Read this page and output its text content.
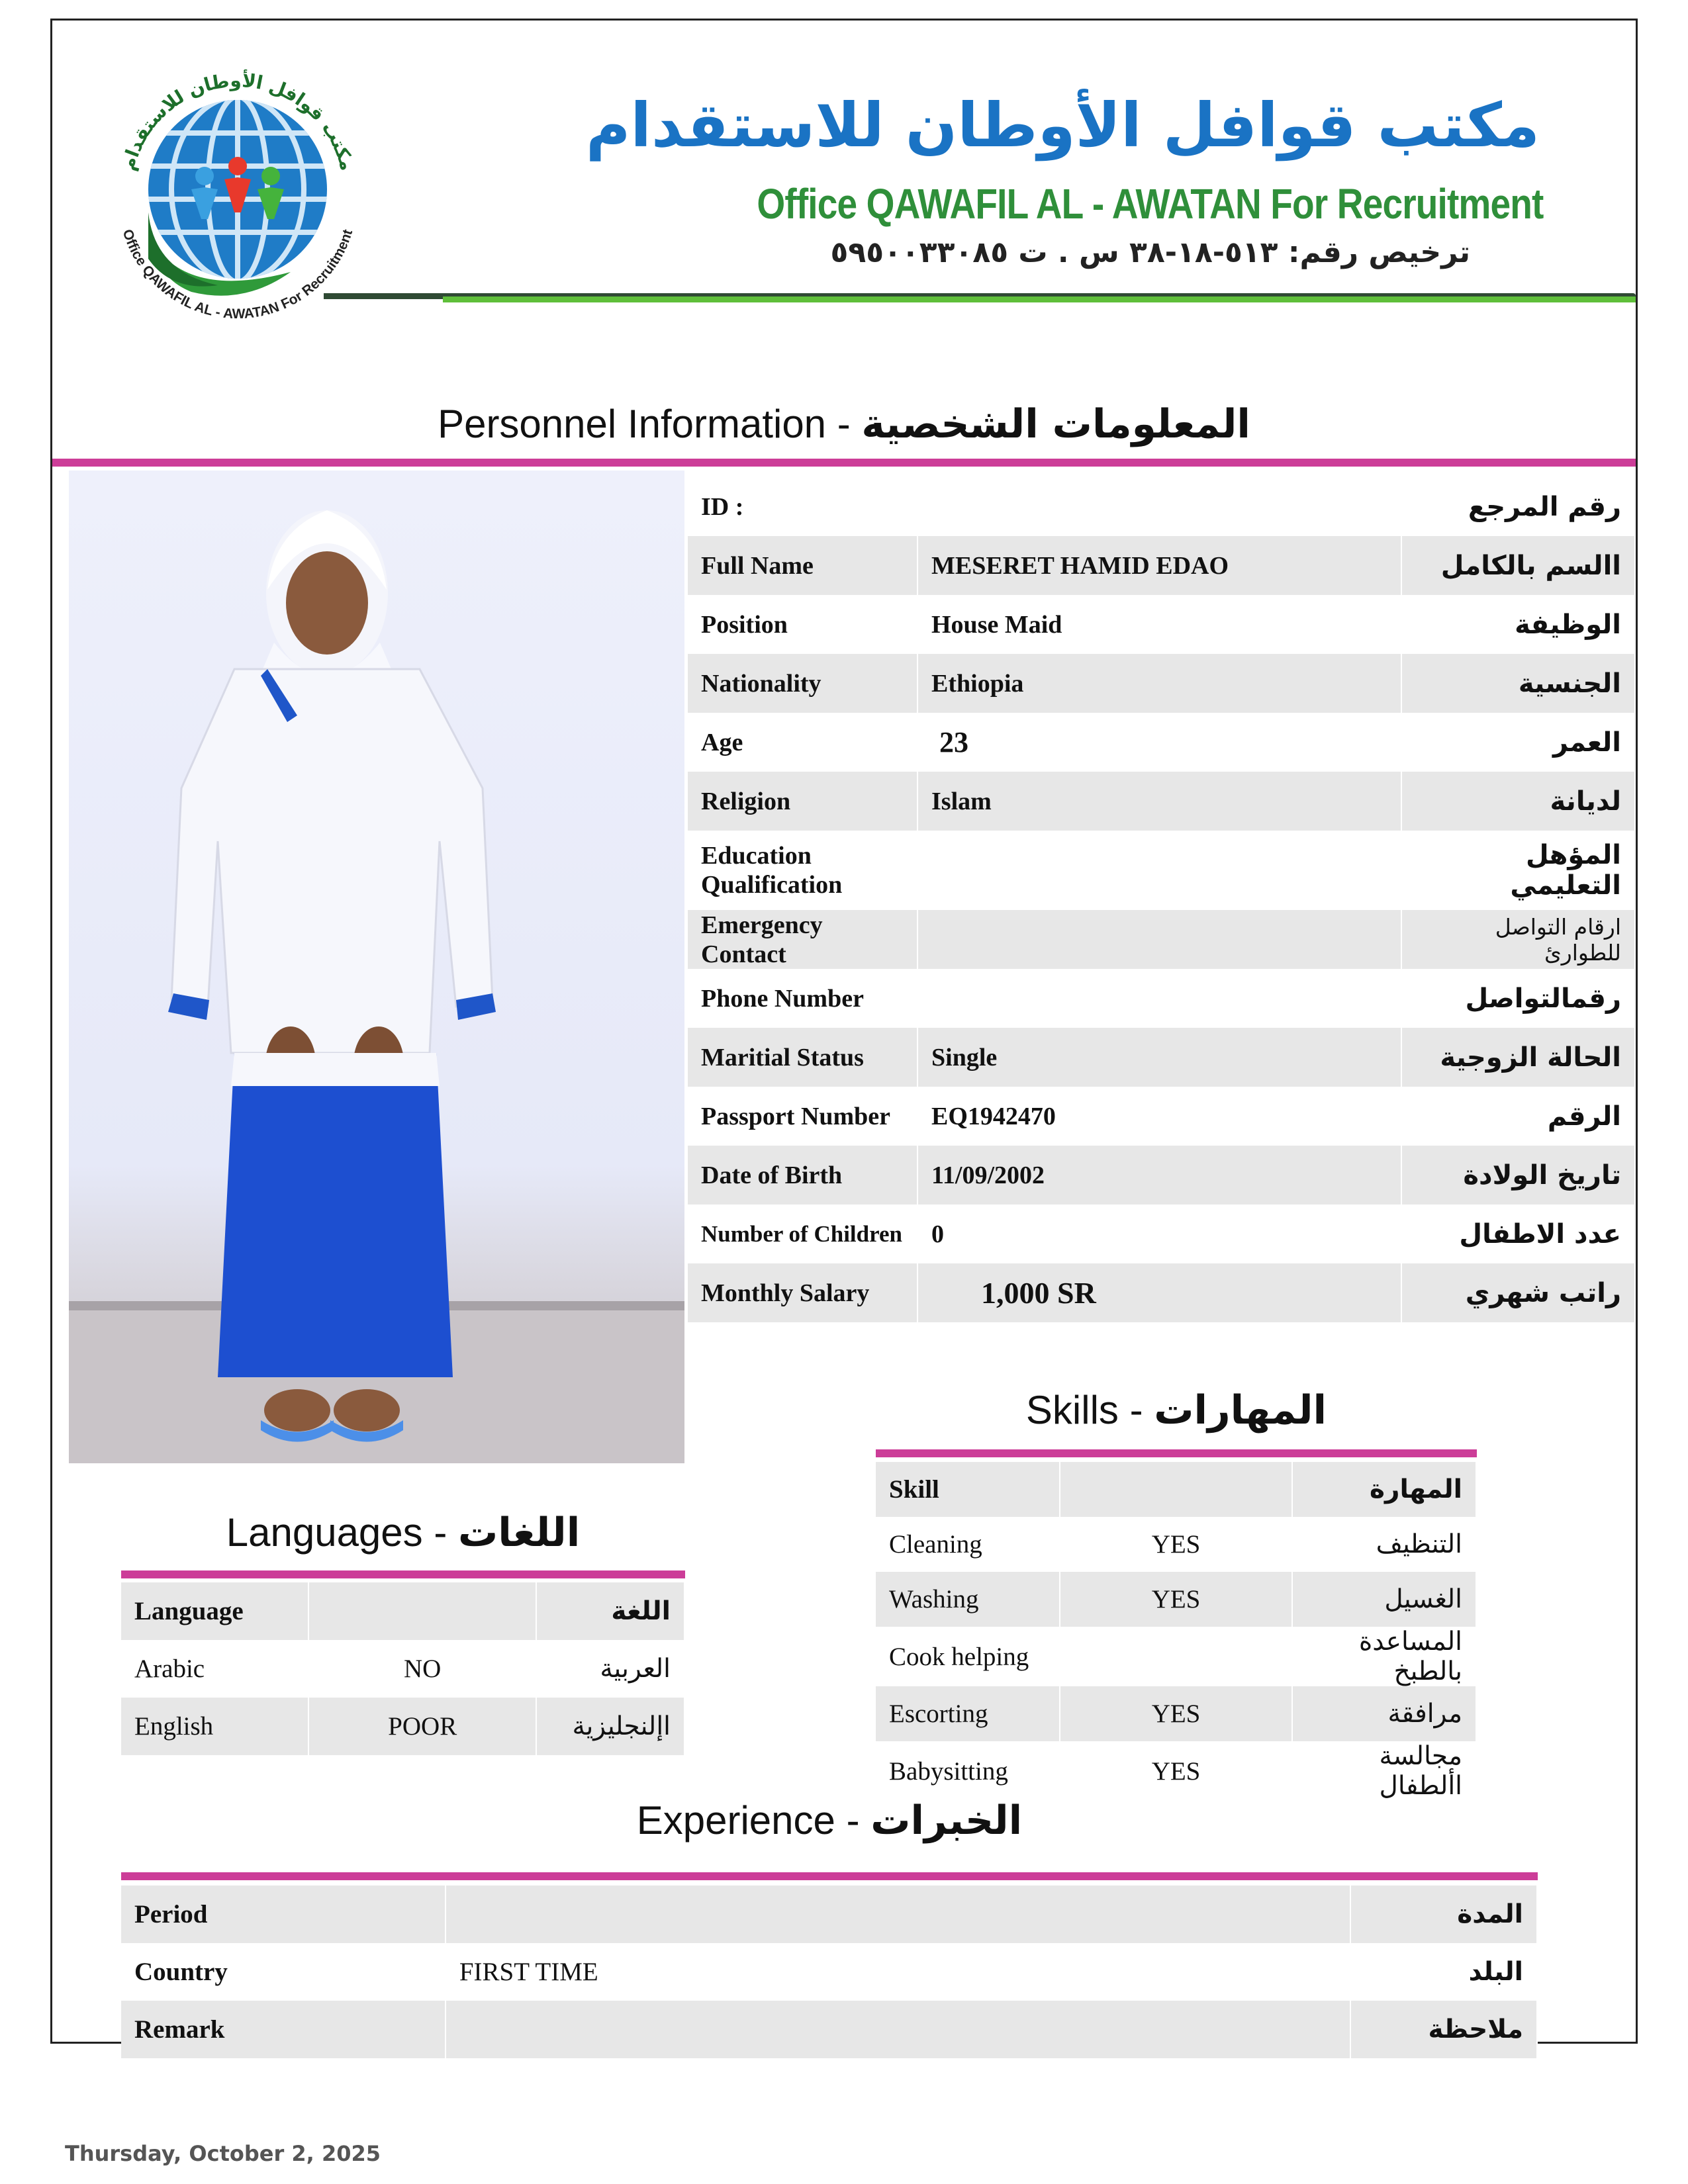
مكتب قوافل الأوطان للاستقدام
Office QAWAFIL AL - AWATAN For Recruitment
مكتب قوافل الأوطان للاستقدام
Office QAWAFIL AL - AWATAN For Recruitment
ترخيص رقم: ٥١٣-١٨-٣٨ س . ت ٥٩٥٠٠٣٣٠٨٥
Personnel Information - المعلومات الشخصية
ID :		رقم المرجع
Full Name	MESERET HAMID EDAO	االسم بالكامل
Position	House Maid	الوظيفة
Nationality	Ethiopia	الجنسية
Age	23	العمر
Religion	Islam	لديانة
Education Qualification		المؤهل التعليمي
Emergency Contact		ارقام التواصل للطوارئ
Phone Number		رقمالتواصل
Maritial Status	Single	الحالة الزوجية
Passport Number	EQ1942470	الرقم
Date of Birth	11/09/2002	تاريخ الولادة
Number of Children	0	عدد الاطفال
Monthly Salary	1,000 SR	راتب شهري
Skills - المهارات
Skill		المهارة
Cleaning	YES	التنظيف
Washing	YES	الغسيل
Cook helping		المساعدة بالطبخ
Escorting	YES	مرافقة
Babysitting	YES	مجالسة األطفال
Languages - اللغات
Language		اللغة
Arabic	NO	العربية
English	POOR	اإلنجليزية
Experience - الخبرات
Period		المدة
Country	FIRST TIME	البلد
Remark		ملاحظة
Thursday, October 2, 2025
